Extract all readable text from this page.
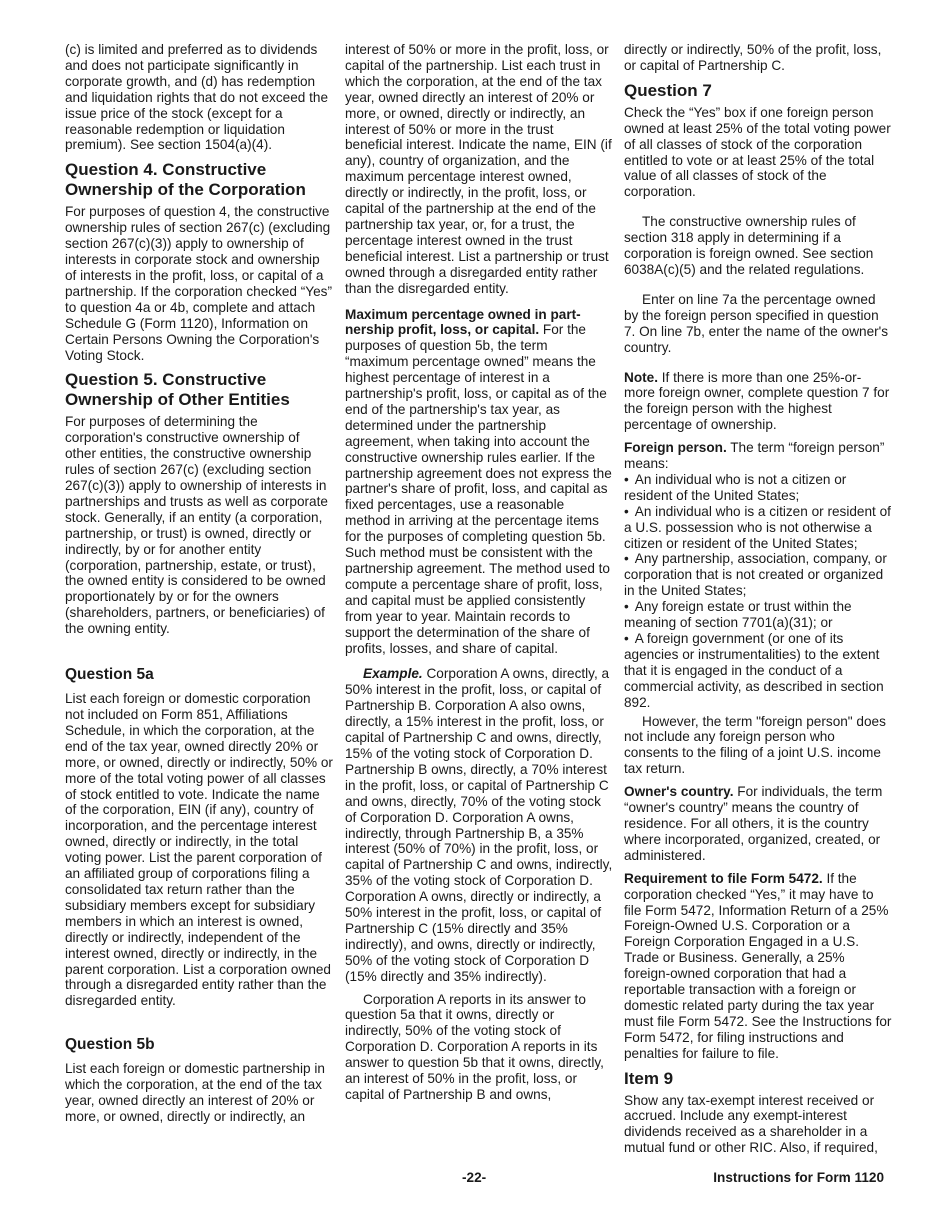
(c) is limited and preferred as to dividends and does not participate significantly in corporate growth, and (d) has redemption and liquidation rights that do not exceed the issue price of the stock (except for a reasonable redemption or liquidation premium). See section 1504(a)(4).

Question 4. Constructive Ownership of the Corporation

For purposes of question 4, the constructive ownership rules of section 267(c) (excluding section 267(c)(3)) apply to ownership of interests in corporate stock and ownership of interests in the profit, loss, or capital of a partnership. If the corporation checked “Yes” to question 4a or 4b, complete and attach Schedule G (Form 1120), Information on Certain Persons Owning the Corporation's Voting Stock.

Question 5. Constructive Ownership of Other Entities

For purposes of determining the corporation's constructive ownership of other entities, the constructive ownership rules of section 267(c) (excluding section 267(c)(3)) apply to ownership of interests in partnerships and trusts as well as corporate stock. Generally, if an entity (a corporation, partnership, or trust) is owned, directly or indirectly, by or for another entity (corporation, partnership, estate, or trust), the owned entity is considered to be owned proportionately by or for the owners (shareholders, partners, or beneficiaries) of the owning entity.

Question 5a

List each foreign or domestic corporation not included on Form 851, Affiliations Schedule, in which the corporation, at the end of the tax year, owned directly 20% or more, or owned, directly or indirectly, 50% or more of the total voting power of all classes of stock entitled to vote. Indicate the name of the corporation, EIN (if any), country of incorporation, and the percentage interest owned, directly or indirectly, in the total voting power. List the parent corporation of an affiliated group of corporations filing a consolidated tax return rather than the subsidiary members except for subsidiary members in which an interest is owned, directly or indirectly, independent of the interest owned, directly or indirectly, in the parent corporation. List a corporation owned through a disregarded entity rather than the disregarded entity.

Question 5b

List each foreign or domestic partnership in which the corporation, at the end of the tax year, owned directly an interest of 20% or more, or owned, directly or indirectly, an

interest of 50% or more in the profit, loss, or capital of the partnership. List each trust in which the corporation, at the end of the tax year, owned directly an interest of 20% or more, or owned, directly or indirectly, an interest of 50% or more in the trust beneficial interest. Indicate the name, EIN (if any), country of organization, and the maximum percentage interest owned, directly or indirectly, in the profit, loss, or capital of the partnership at the end of the partnership tax year, or, for a trust, the percentage interest owned in the trust beneficial interest. List a partnership or trust owned through a disregarded entity rather than the disregarded entity.

Maximum percentage owned in part-nership profit, loss, or capital. For the purposes of question 5b, the term “maximum percentage owned” means the highest percentage of interest in a partnership's profit, loss, or capital as of the end of the partnership's tax year, as determined under the partnership agreement, when taking into account the constructive ownership rules earlier. If the partnership agreement does not express the partner's share of profit, loss, and capital as fixed percentages, use a reasonable method in arriving at the percentage items for the purposes of completing question 5b. Such method must be consistent with the partnership agreement. The method used to compute a percentage share of profit, loss, and capital must be applied consistently from year to year. Maintain records to support the determination of the share of profits, losses, and share of capital.

Example. Corporation A owns, directly, a 50% interest in the profit, loss, or capital of Partnership B. Corporation A also owns, directly, a 15% interest in the profit, loss, or capital of Partnership C and owns, directly, 15% of the voting stock of Corporation D. Partnership B owns, directly, a 70% interest in the profit, loss, or capital of Partnership C and owns, directly, 70% of the voting stock of Corporation D. Corporation A owns, indirectly, through Partnership B, a 35% interest (50% of 70%) in the profit, loss, or capital of Partnership C and owns, indirectly, 35% of the voting stock of Corporation D. Corporation A owns, directly or indirectly, a 50% interest in the profit, loss, or capital of Partnership C (15% directly and 35% indirectly), and owns, directly or indirectly, 50% of the voting stock of Corporation D (15% directly and 35% indirectly).

Corporation A reports in its answer to question 5a that it owns, directly or indirectly, 50% of the voting stock of Corporation D. Corporation A reports in its answer to question 5b that it owns, directly, an interest of 50% in the profit, loss, or capital of Partnership B and owns,

directly or indirectly, 50% of the profit, loss, or capital of Partnership C.

Question 7

Check the “Yes” box if one foreign person owned at least 25% of the total voting power of all classes of stock of the corporation entitled to vote or at least 25% of the total value of all classes of stock of the corporation.

The constructive ownership rules of section 318 apply in determining if a corporation is foreign owned. See section 6038A(c)(5) and the related regulations.

Enter on line 7a the percentage owned by the foreign person specified in question 7. On line 7b, enter the name of the owner's country.

Note. If there is more than one 25%-or-more foreign owner, complete question 7 for the foreign person with the highest percentage of ownership.

Foreign person. The term “foreign person” means:

• An individual who is not a citizen or resident of the United States;
• An individual who is a citizen or resident of a U.S. possession who is not otherwise a citizen or resident of the United States;
• Any partnership, association, company, or corporation that is not created or organized in the United States;
• Any foreign estate or trust within the meaning of section 7701(a)(31); or
• A foreign government (or one of its agencies or instrumentalities) to the extent that it is engaged in the conduct of a commercial activity, as described in section 892.

However, the term "foreign person" does not include any foreign person who consents to the filing of a joint U.S. income tax return.

Owner's country. For individuals, the term “owner's country” means the country of residence. For all others, it is the country where incorporated, organized, created, or administered.

Requirement to file Form 5472. If the corporation checked “Yes,” it may have to file Form 5472, Information Return of a 25% Foreign-Owned U.S. Corporation or a Foreign Corporation Engaged in a U.S. Trade or Business. Generally, a 25% foreign-owned corporation that had a reportable transaction with a foreign or domestic related party during the tax year must file Form 5472. See the Instructions for Form 5472, for filing instructions and penalties for failure to file.

Item 9

Show any tax-exempt interest received or accrued. Include any exempt-interest dividends received as a shareholder in a mutual fund or other RIC. Also, if required,

-22-	Instructions for Form 1120
